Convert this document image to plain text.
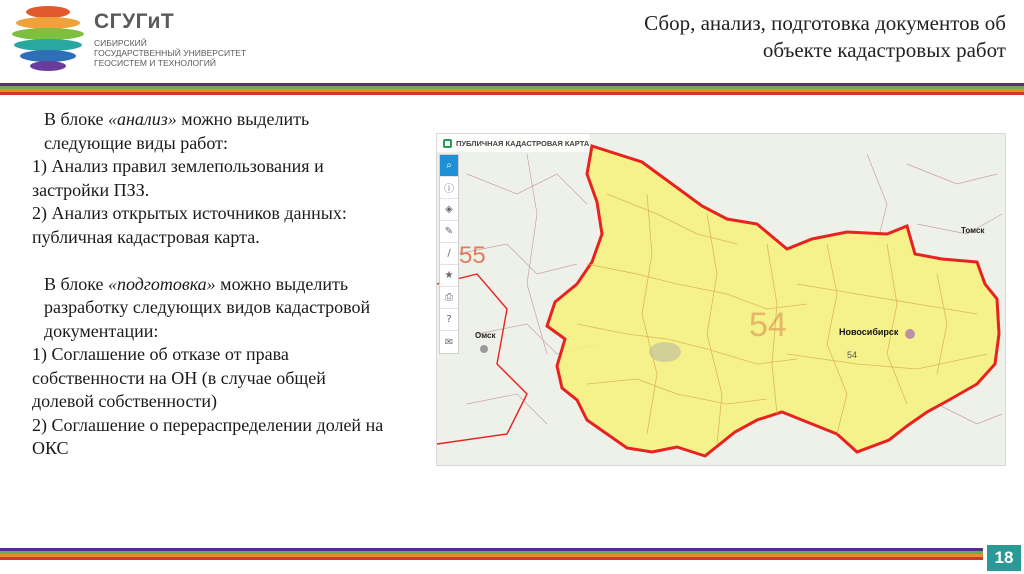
СГУГиТ
СИБИРСКИЙ
ГОСУДАРСТВЕННЫЙ УНИВЕРСИТЕТ
ГЕОСИСТЕМ И ТЕХНОЛОГИЙ
Сбор, анализ, подготовка документов об
объекте кадастровых работ

В блоке «анализ» можно выделить следующие виды работ:

1) Анализ правил землепользования и застройки ПЗЗ.

2) Анализ открытых источников данных: публичная кадастровая карта.

В блоке «подготовка» можно выделить разработку следующих видов кадастровой документации:

1) Соглашение об отказе от права собственности на ОН (в случае общей долевой собственности)

2) Соглашение о перераспределении долей на ОКС

ПУБЛИЧНАЯ КАДАСТРОВАЯ КАРТА
⌕
ⓘ
◈
✎
∕
★
⎙
?
✉
55
54
Омск	Новосибирск
Томск
54
18
